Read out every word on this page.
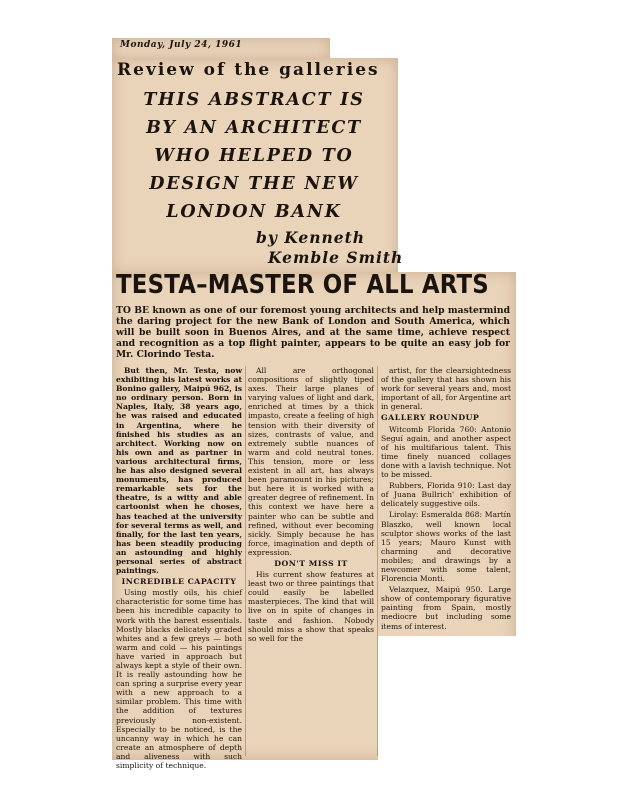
Monday, July 24, 1961
Review of the galleries
THIS ABSTRACT IS
BY AN ARCHITECT
WHO HELPED TO
DESIGN THE NEW
LONDON BANK
by Kenneth
Kemble Smith
TESTA–MASTER OF ALL ARTS
TO BE known as one of our foremost young architects and help mastermind the daring project for the new Bank of London and South America, which will be built soon in Buenos Aires, and at the same time, achieve respect and recognition as a top flight painter, appears to be quite an easy job for Mr. Clorindo Testa.

But then, Mr. Testa, now exhibiting his latest works at Bonino gallery, Maipú 962, is no ordinary person. Born in Naples, Italy, 38 years ago, he was raised and educated in Argentina, where he finished his studies as an architect. Working now on his own and as partner in various architectural firms, he has also designed several monuments, has produced remarkable sets for the theatre, is a witty and able cartoonist when he choses, has teached at the university for several terms as well, and finally, for the last ten years, has been steadily producing an astounding and highly personal series of abstract paintings.

INCREDIBLE CAPACITY

Using mostly oils, his chief characteristic for some time has been his incredible capacity to work with the barest essentials. Mostly blacks delicately graded whites and a few greys — both warm and cold — his paintings have varied in approach but always kept a style of their own. It is really astounding how he can spring a surprise every year with a new approach to a similar problem. This time with the addition of textures previously non-existent. Especially to be noticed, is the uncanny way in which he can create an atmosphere of depth and aliveness with such simplicity of technique.

All are orthogonal compositions of slightly tiped axes. Their large planes of varying values of light and dark, enriched at times by a thick impasto, create a feeling of high tension with their diversity of sizes, contrasts of value, and extremely subtle nuances of warm and cold neutral tones. This tension, more or less existent in all art, has always been paramount in his pictures; but here it is worked with a greater degree of refinement. In this context we have here a painter who can be subtle and refined, without ever becoming sickly. Simply because he has force, imagination and depth of expression.

DON'T MISS IT

His current show features at least two or three paintings that could easily be labelled masterpieces. The kind that will live on in spite of changes in taste and fashion. Nobody should miss a show that speaks so well for the

artist, for the clearsightedness of the gallery that has shown his work for several years and, most important of all, for Argentine art in general.

GALLERY ROUNDUP

Witcomb Florida 760: Antonio Seguí again, and another aspect of his multifarious talent. This time finely nuanced collages done with a lavish technique. Not to be missed.

Rubbers, Florida 910: Last day of Juana Bullrich' exhibition of delicately suggestive oils.

Lirolay: Esmeralda 868: Martín Blaszko, well known local sculptor shows works of the last 15 years; Mauro Kunst with charming and decorative mobiles; and drawings by a newcomer with some talent, Florencia Monti.

Velazquez, Maipú 950. Large show of contemporary figurative painting from Spain, mostly mediocre but including some items of interest.
